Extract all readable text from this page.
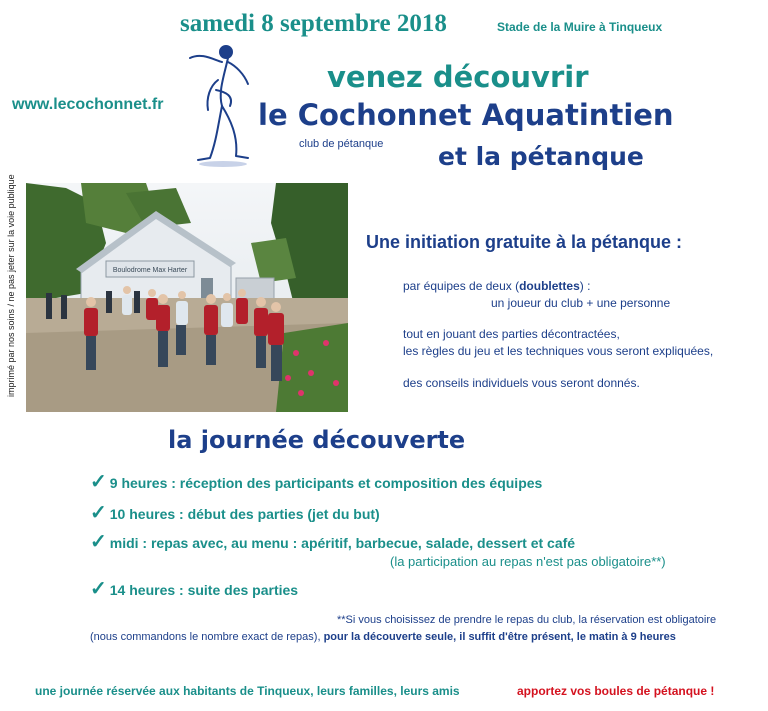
samedi 8 septembre 2018	Stade de la Muire à Tinqueux
www.lecochonnet.fr
venez découvrir
le Cochonnet Aquatintien
club de pétanque et la pétanque
imprimé par nos soins / ne pas jeter sur la voie publique	Boulodrome Max Harter
Une initiation gratuite à la pétanque :
par équipes de deux (doublettes) :
un joueur du club + une personne
tout en jouant des parties décontractées,
les règles du jeu et les techniques vous seront expliquées,
des conseils individuels vous seront donnés.
la journée découverte
✓ 9 heures : réception des participants et composition des équipes
✓ 10 heures : début des parties (jet du but)
✓ midi : repas avec, au menu : apéritif, barbecue, salade, dessert et café
(la participation au repas n'est pas obligatoire**)
✓ 14 heures : suite des parties
**Si vous choisissez de prendre le repas du club, la réservation est obligatoire
(nous commandons le nombre exact de repas), pour la découverte seule, il suffit d'être présent, le matin à 9 heures
une journée réservée aux habitants de Tinqueux, leurs familles, leurs amis	apportez vos boules de pétanque !
